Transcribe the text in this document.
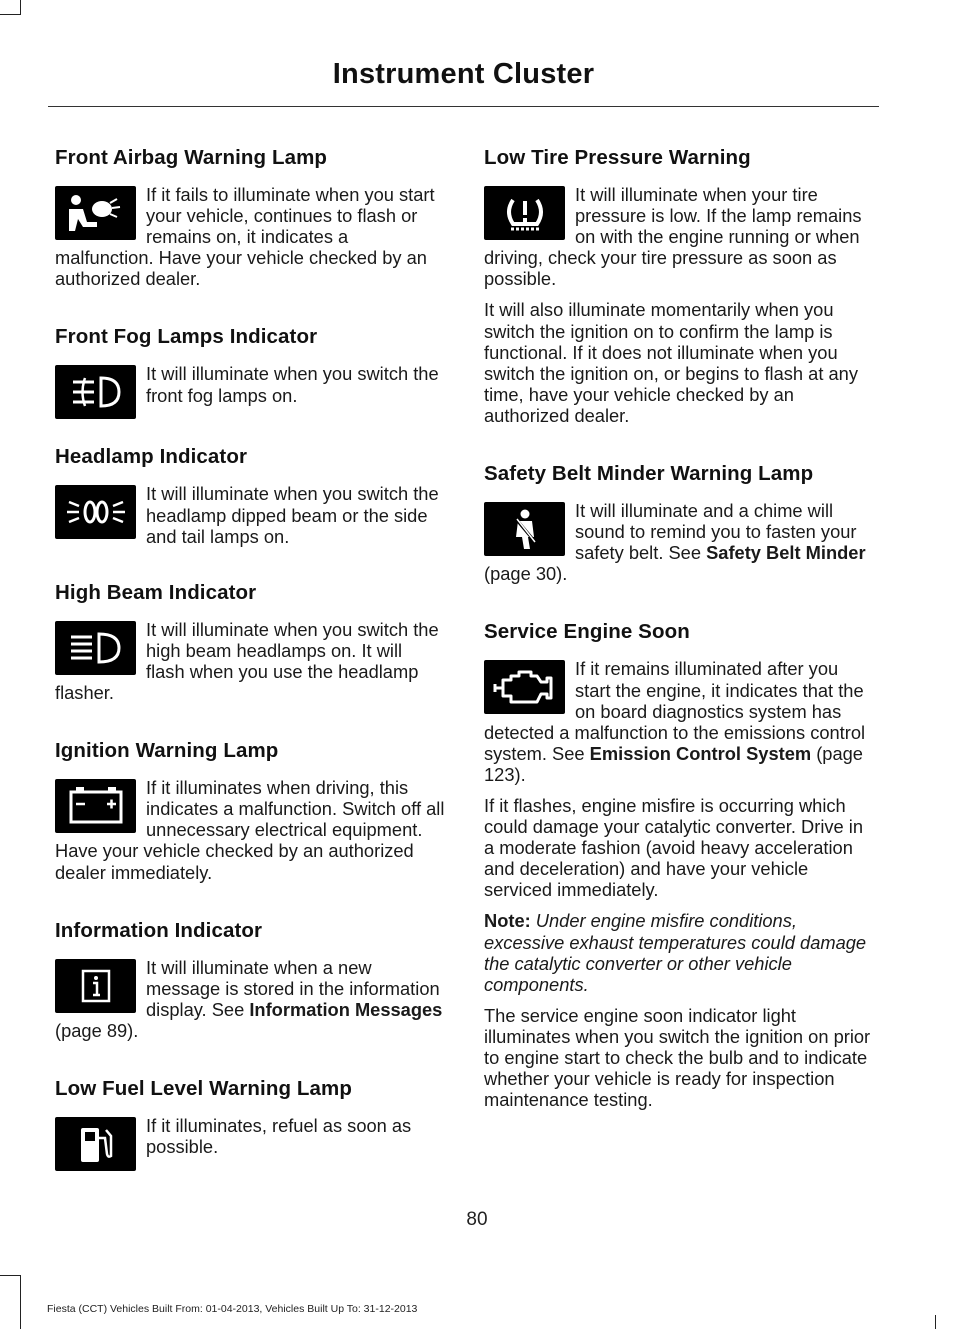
Instrument Cluster
Front Airbag Warning Lamp

If it fails to illuminate when you start your vehicle, continues to flash or remains on, it indicates a malfunction. Have your vehicle checked by an authorized dealer.

Front Fog Lamps Indicator

It will illuminate when you switch the front fog lamps on.

Headlamp Indicator

It will illuminate when you switch the headlamp dipped beam or the side and tail lamps on.

High Beam Indicator

It will illuminate when you switch the high beam headlamps on. It will flash when you use the headlamp flasher.

Ignition Warning Lamp

If it illuminates when driving, this indicates a malfunction. Switch off all unnecessary electrical equipment. Have your vehicle checked by an authorized dealer immediately.

Information Indicator

It will illuminate when a new message is stored in the information display. See Information Messages (page 89).

Low Fuel Level Warning Lamp

If it illuminates, refuel as soon as possible.

Low Tire Pressure Warning

It will illuminate when your tire pressure is low. If the lamp remains on with the engine running or when driving, check your tire pressure as soon as possible.

It will also illuminate momentarily when you switch the ignition on to confirm the lamp is functional. If it does not illuminate when you switch the ignition on, or begins to flash at any time, have your vehicle checked by an authorized dealer.

Safety Belt Minder Warning Lamp

It will illuminate and a chime will sound to remind you to fasten your safety belt. See Safety Belt Minder (page 30).

Service Engine Soon

If it remains illuminated after you start the engine, it indicates that the on board diagnostics system has detected a malfunction to the emissions control system. See Emission Control System (page 123).

If it flashes, engine misfire is occurring which could damage your catalytic converter. Drive in a moderate fashion (avoid heavy acceleration and deceleration) and have your vehicle serviced immediately.

Note: Under engine misfire conditions, excessive exhaust temperatures could damage the catalytic converter or other vehicle components.

The service engine soon indicator light illuminates when you switch the ignition on prior to engine start to check the bulb and to indicate whether your vehicle is ready for inspection maintenance testing.

80
Fiesta (CCT) Vehicles Built From: 01-04-2013, Vehicles Built Up To: 31-12-2013
